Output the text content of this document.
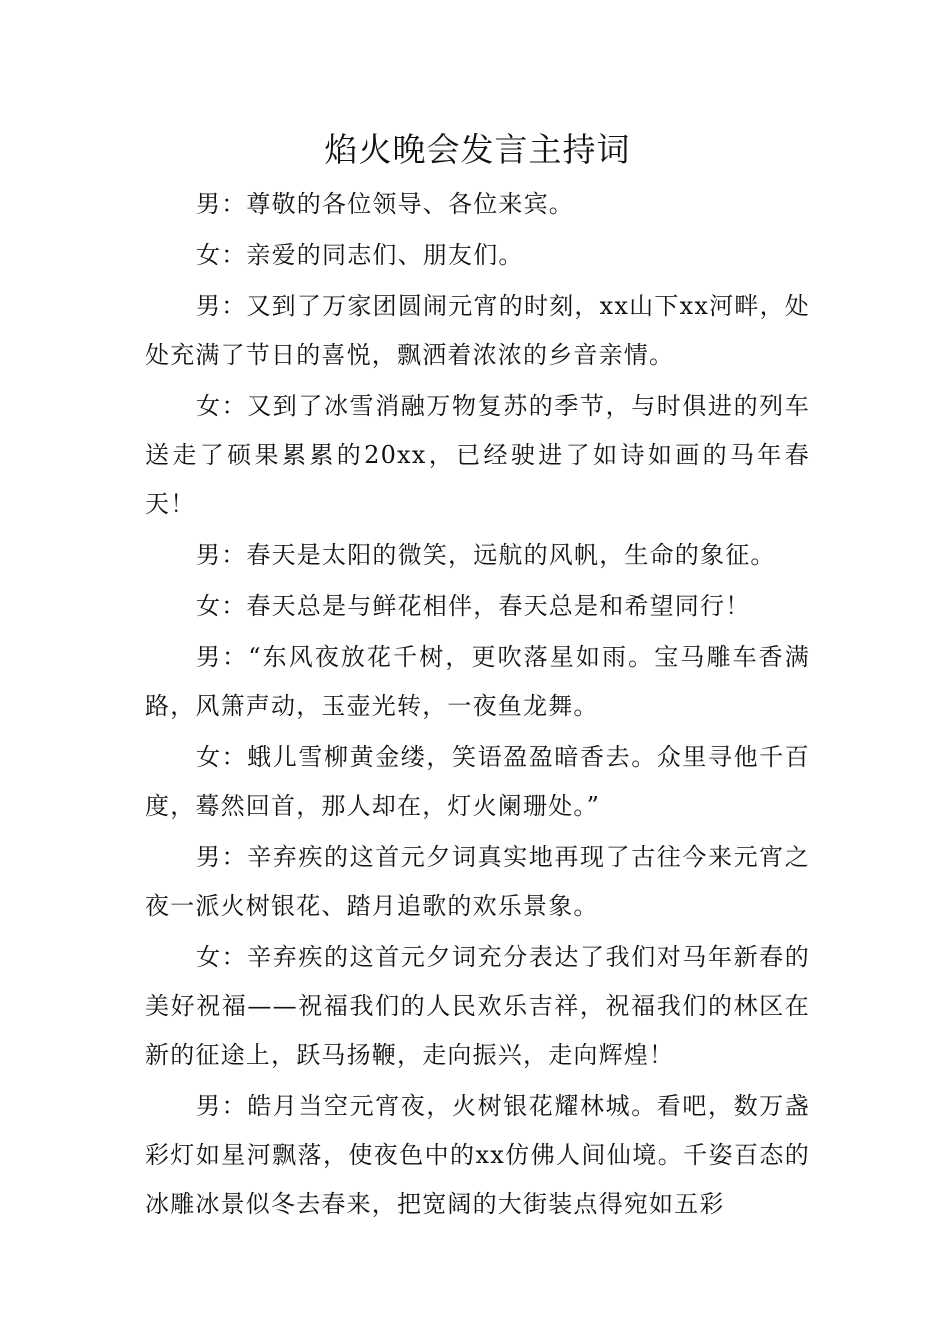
焰火晚会发言主持词

男：尊敬的各位领导、各位来宾。

女：亲爱的同志们、朋友们。

男：又到了万家团圆闹元宵的时刻，xx山下xx河畔，处处充满了节日的喜悦，飘洒着浓浓的乡音亲情。

女：又到了冰雪消融万物复苏的季节，与时俱进的列车送走了硕果累累的20xx，已经驶进了如诗如画的马年春天！

男：春天是太阳的微笑，远航的风帆，生命的象征。

女：春天总是与鲜花相伴，春天总是和希望同行！

男：“东风夜放花千树，更吹落星如雨。宝马雕车香满路，风箫声动，玉壶光转，一夜鱼龙舞。

女：蛾儿雪柳黄金缕，笑语盈盈暗香去。众里寻他千百度，蓦然回首，那人却在，灯火阑珊处。”

男：辛弃疾的这首元夕词真实地再现了古往今来元宵之夜一派火树银花、踏月追歌的欢乐景象。

女：辛弃疾的这首元夕词充分表达了我们对马年新春的美好祝福——祝福我们的人民欢乐吉祥，祝福我们的林区在新的征途上，跃马扬鞭，走向振兴，走向辉煌！

男：皓月当空元宵夜，火树银花耀林城。看吧，数万盏彩灯如星河飘落，使夜色中的xx仿佛人间仙境。千姿百态的冰雕冰景似冬去春来，把宽阔的大街装点得宛如五彩
